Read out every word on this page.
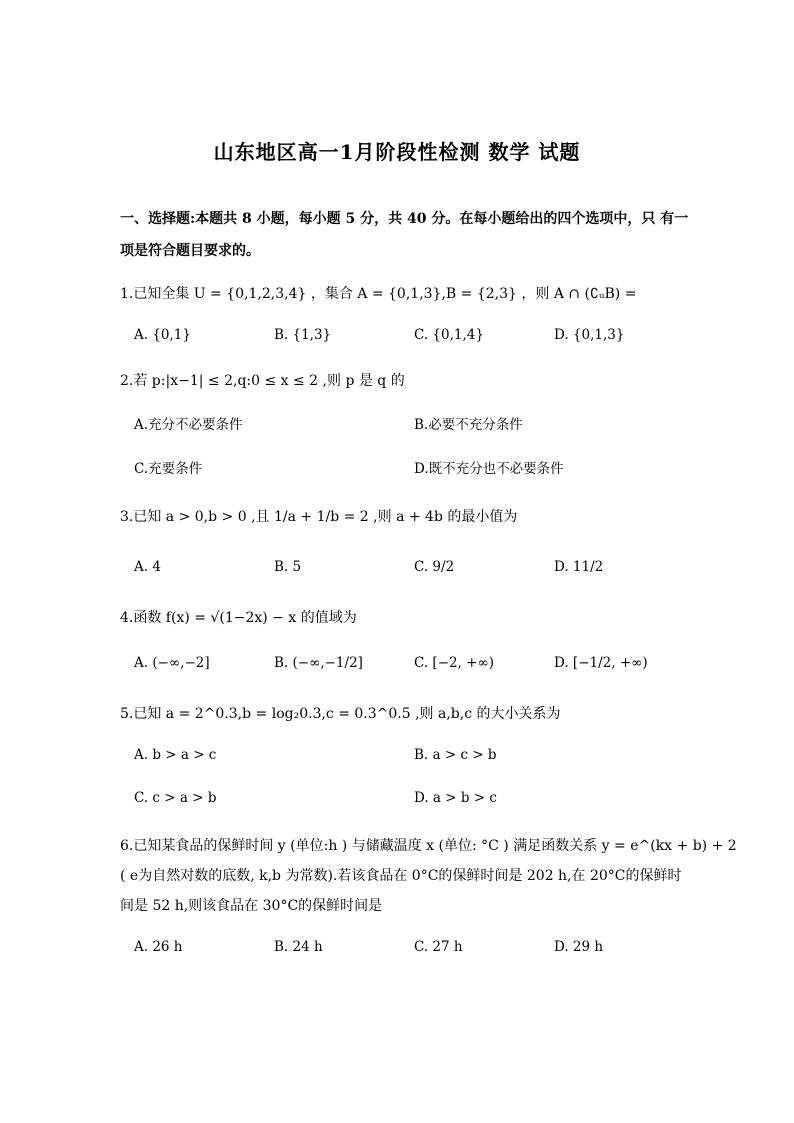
山东地区高一1月阶段性检测 数学 试题
一、选择题:本题共 8 小题，每小题 5 分，共 40 分。在每小题给出的四个选项中，只 有一
项是符合题目要求的。
1.已知全集 U = {0,1,2,3,4} ，集合 A = {0,1,3},B = {2,3} ，则 A ∩ (∁ᵤB) =
A. {0,1}	B. {1,3}	C. {0,1,4}	D. {0,1,3}
2.若 p:|x−1| ≤ 2,q:0 ≤ x ≤ 2 ,则 p 是 q 的
A.充分不必要条件	B.必要不充分条件
C.充要条件	D.既不充分也不必要条件
3.已知 a > 0,b > 0 ,且 1/a + 1/b = 2 ,则 a + 4b 的最小值为
A. 4	B. 5	C. 9/2	D. 11/2
4.函数 f(x) = √(1−2x) − x 的值域为
A. (−∞,−2]	B. (−∞,−1/2]	C. [−2, +∞)	D. [−1/2, +∞)
5.已知 a = 2^0.3,b = log₂0.3,c = 0.3^0.5 ,则 a,b,c 的大小关系为
A. b > a > c	B. a > c > b
C. c > a > b	D. a > b > c
6.已知某食品的保鲜时间 y (单位:h ) 与储藏温度 x (单位: °C ) 满足函数关系 y = e^(kx + b) + 2
( e为自然对数的底数, k,b 为常数).若该食品在 0°C的保鲜时间是 202 h,在 20°C的保鲜时
间是 52 h,则该食品在 30°C的保鲜时间是
A. 26 h	B. 24 h	C. 27 h	D. 29 h
